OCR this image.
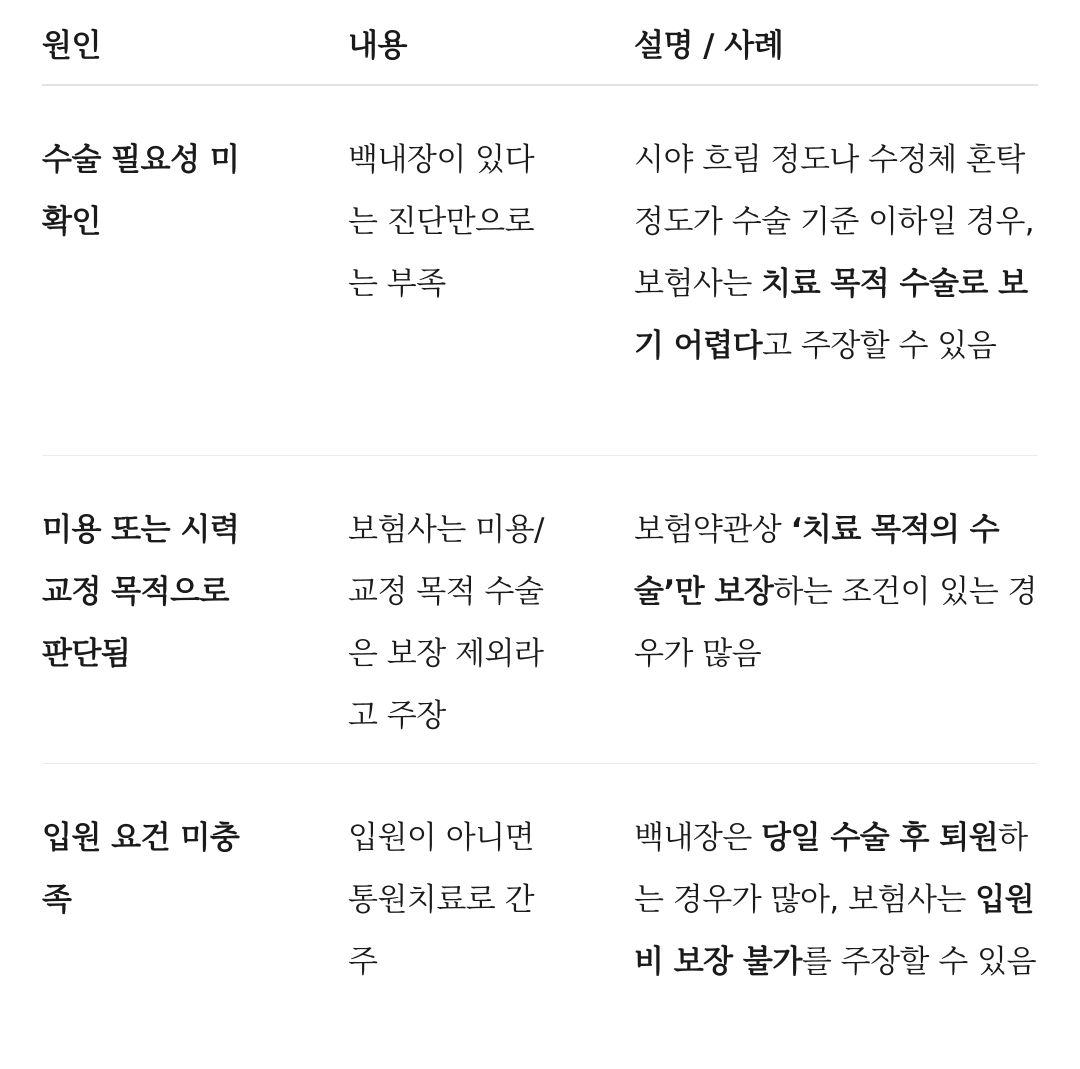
원인	내용	설명 / 사례
수술 필요성 미확인
백내장이 있다는 진단만으로는 부족
시야 흐림 정도나 수정체 혼탁 정도가 수술 기준 이하일 경우, 보험사는 치료 목적 수술로 보기 어렵다고 주장할 수 있음
미용 또는 시력교정 목적으로 판단됨
보험사는 미용/교정 목적 수술은 보장 제외라고 주장
보험약관상 ‘치료 목적의 수술’만 보장하는 조건이 있는 경우가 많음
입원 요건 미충족
입원이 아니면 통원치료로 간주
백내장은 당일 수술 후 퇴원하는 경우가 많아, 보험사는 입원비 보장 불가를 주장할 수 있음
